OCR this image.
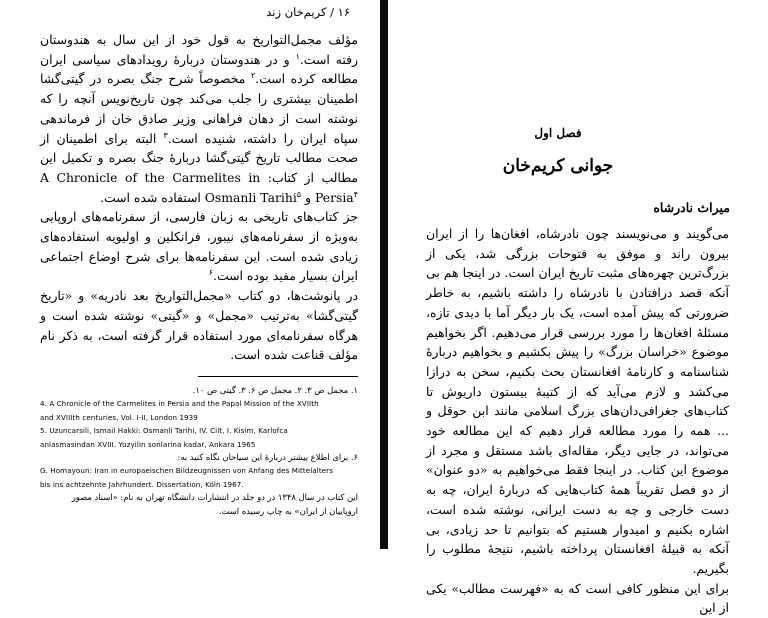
۱۶ / کریم‌خان زند

مؤلف مجمل‌التواریخ به قول خود از این سال به هندوستان رفته است.$^۱$ و در هندوستان دربارهٔ رویدادهای سیاسی ایران مطالعه کرده است.$^۲$ مخصوصاً شرح جنگ بصره در گیتی‌گشا اطمینان بیشتری را جلب می‌کند چون تاریخ‌نویس آنچه را که نوشته است از دهان فراهانی وزیر صادق خان از فرماندهی سپاه ایران را داشته، شنیده است.$^۳$ البته برای اطمینان از صحت مطالب تاریخ گیتی‌گشا دربارهٔ جنگ بصره و تکمیل این مطالب از کتاب: A Chronicle of the Carmelites in Persia$^۴$ و Osmanli Tarihi$^۵$ استفاده شده است.

جز کتاب‌های تاریخی به زبان فارسی، از سفرنامه‌های اروپایی به‌ویژه از سفرنامه‌های نیبور، فرانکلین و اولیویه استفاده‌های زیادی شده است. این سفرنامه‌ها برای شرح اوضاع اجتماعی ایران بسیار مفید بوده است.$^۶$

در پانوشت‌ها، دو کتاب «مجمل‌التواریخ بعد نادریه» و «تاریخ گیتی‌گشا» به‌ترتیب «مجمل» و «گیتی» نوشته شده است و هرگاه سفرنامه‌ای مورد استفاده قرار گرفته است، به ذکر نام مؤلف قناعت شده است.

۱. مجمل ص ۳. ۲. مجمل ص ۶. ۳. گیتی ص ۱۰.
4. A Chronicle of the Carmelites in Persia and the Papal Mission of the XVIIth
and XVIIIth centuries, Vol. I-II, London 1939
5. Uzuncarsili, Ismail Hakki: Osmanli Tarihi, IV. Cilt, I. Kisim, Karlofca
anlasmasindan XVIII. Yuzyilin sonlarina kadar, Ankara 1965
۶. برای اطلاع بیشتر دربارهٔ این سیاحان نگاه کنید به:
G. Homayoun: Iran in europaeischen Bildzeugnissen von Anfang des Mittelalters
bis ins achtzehnte Jahrhundert. Dissertation, Köln 1967.
این کتاب در سال ۱۳۴۸ در دو جلد در انتشارات دانشگاه تهران به نام: «اسناد مصور
اروپاییان از ایران» به چاپ رسیده است.
فصل اول
جوانی کریم‌خان
میراث نادرشاه

می‌گویند و می‌نویسند چون نادرشاه، افغان‌ها را از ایران بیرون راند و موفق به فتوحات بزرگی شد، یکی از بزرگ‌ترین چهره‌های مثبت تاریخ ایران است. در اینجا هم بی آنکه قصد درافتادن با نادرشاه را داشته باشیم، به خاطر ضرورتی که پیش آمده است، یک بار دیگر آما با دیدی تازه، مسئلهٔ افغان‌ها را مورد بررسی قرار می‌دهیم. اگر بخواهیم موضوع «خراسان بزرگ» را پیش بکشیم و بخواهیم دربارهٔ شناسنامه و کارنامهٔ افغانستان بحث بکنیم، سخن به درازا می‌کشد و لازم می‌آید که از کتیبهٔ بیستون داریوش تا کتاب‌های جغرافی‌دان‌های بزرگ اسلامی مانند ابن حوقل و ... همه را مورد مطالعه قرار دهیم که این مطالعه خود می‌تواند، در جایی دیگر، مقاله‌ای باشد مستقل و مجرد از موضوع این کتاب. در اینجا فقط می‌خواهیم به «دو عنوان» از دو فصل تقریباً همهٔ کتاب‌هایی که دربارهٔ ایران، چه به دست خارجی و چه به دست ایرانی، نوشته شده است، اشاره بکنیم و امیدوار هستیم که بتوانیم تا حد زیادی، بی آنکه به قبیلهٔ افغانستان پرداخته باشیم، نتیجهٔ مطلوب را بگیریم.

برای این منظور کافی است که به «فهرست مطالب» یکی از این
